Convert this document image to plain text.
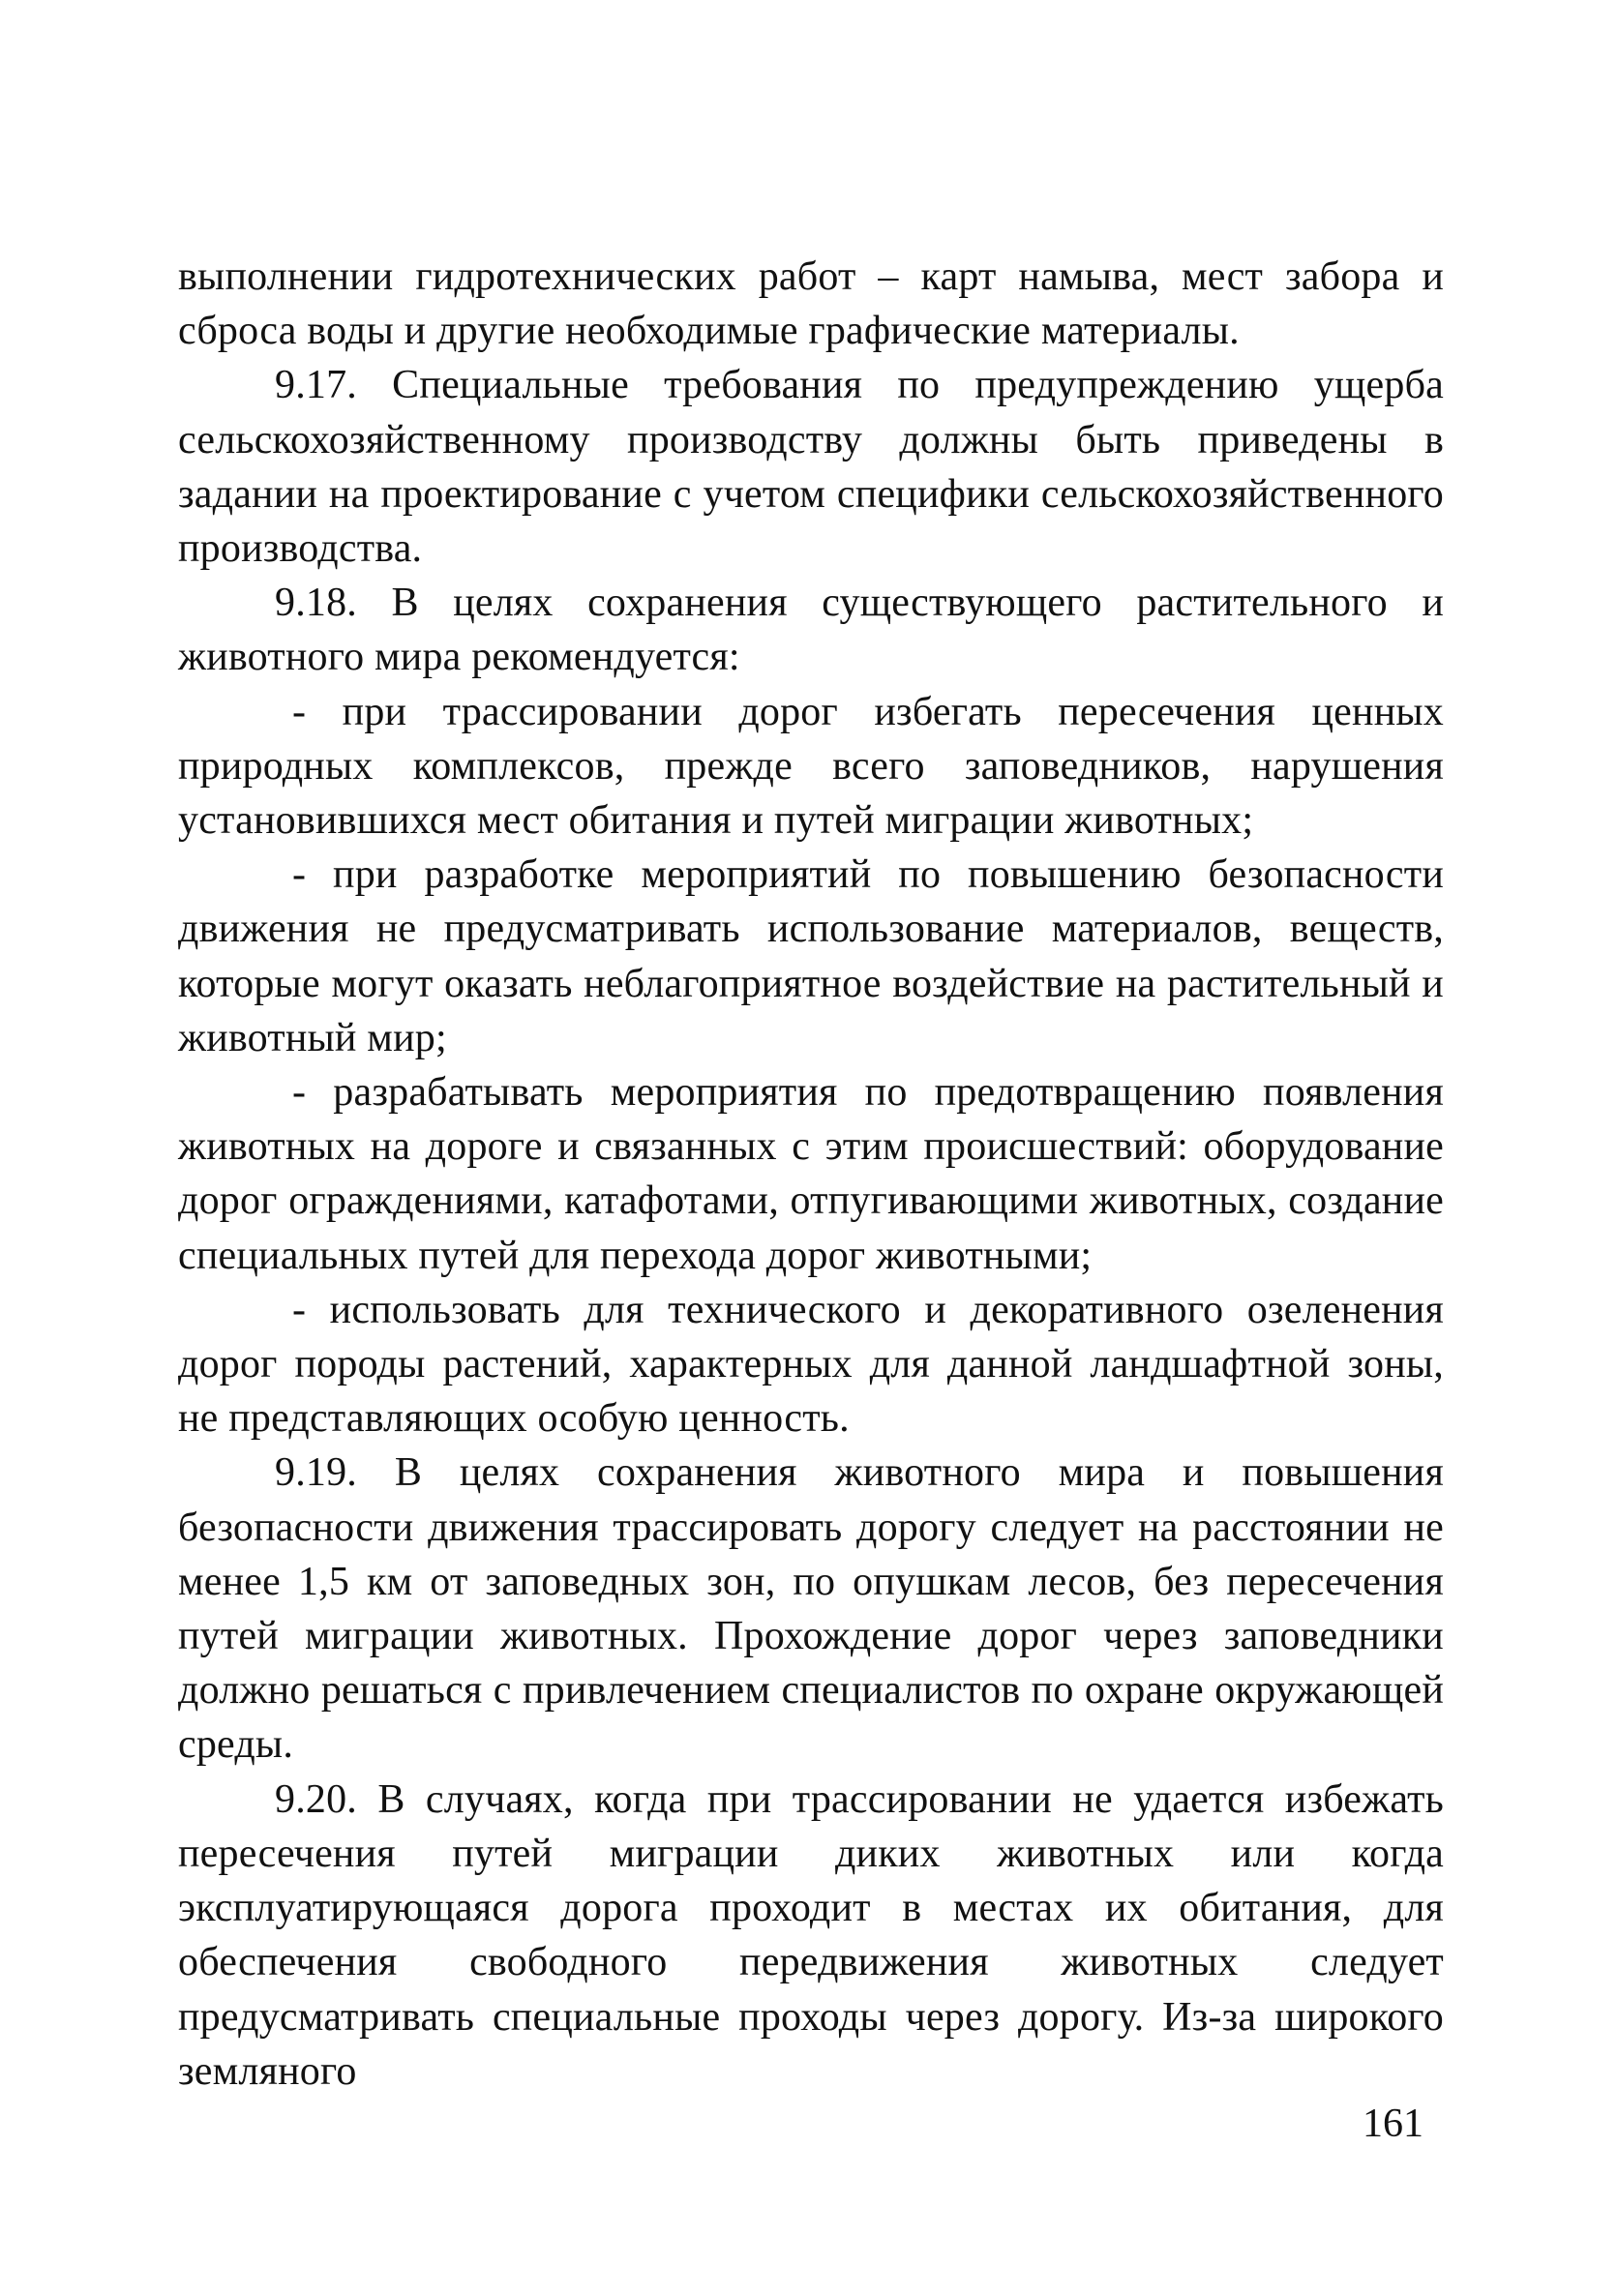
выполнении гидротехнических работ – карт намыва, мест забора и сброса воды и другие необходимые графические материалы.

9.17. Специальные требования по предупреждению ущерба сельскохозяйственному производству должны быть приведены в задании на проектирование с учетом специфики сельскохозяйственного производства.

9.18. В целях сохранения существующего растительного и животного мира рекомендуется:

- при трассировании дорог избегать пересечения ценных природных комплексов, прежде всего заповедников, нарушения установившихся мест обитания и путей миграции животных;

- при разработке мероприятий по повышению безопасности движения не предусматривать использование материалов, веществ, которые могут оказать неблагоприятное воздействие на растительный и животный мир;

- разрабатывать мероприятия по предотвращению появления животных на дороге и связанных с этим происшествий: оборудование дорог ограждениями, катафотами, отпугивающими животных, создание специальных путей для перехода дорог животными;

- использовать для технического и декоративного озеленения дорог породы растений, характерных для данной ландшафтной зоны, не представляющих особую ценность.

9.19. В целях сохранения животного мира и повышения безопасности движения трассировать дорогу следует на расстоянии не менее 1,5 км от заповедных зон, по опушкам лесов, без пересечения путей миграции животных. Прохождение дорог через заповедники должно решаться с привлечением специалистов по охране окружающей среды.

9.20. В случаях, когда при трассировании не удается избежать пересечения путей миграции диких животных или когда эксплуатирующаяся дорога проходит в местах их обитания, для обеспечения свободного передвижения животных следует предусматривать специальные проходы через дорогу. Из-за широкого земляного

161
